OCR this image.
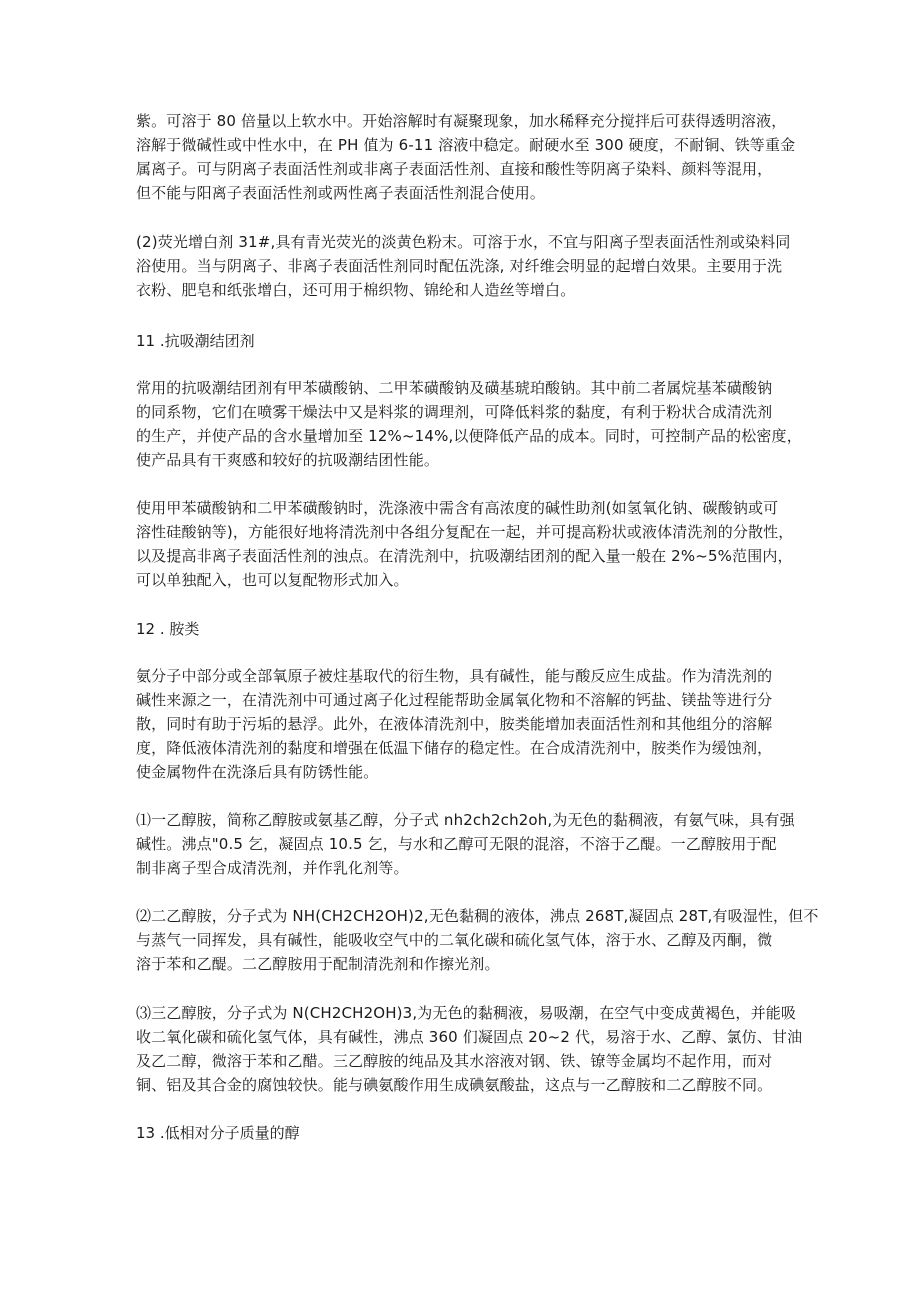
紫。可溶于 80 倍量以上软水中。开始溶解时有凝聚现象，加水稀释充分搅拌后可获得透明溶液，
溶解于微碱性或中性水中，在 PH 值为 6-11 溶液中稳定。耐硬水至 300 硬度，不耐铜、铁等重金
属离子。可与阴离子表面活性剂或非离子表面活性剂、直接和酸性等阴离子染料、颜料等混用，
但不能与阳离子表面活性剂或两性离子表面活性剂混合使用。
(2)荧光增白剂 31#,具有青光荧光的淡黄色粉末。可溶于水，不宜与阳离子型表面活性剂或染料同
浴使用。当与阴离子、非离子表面活性剂同时配伍洗涤, 对纤维会明显的起增白效果。主要用于洗
衣粉、肥皂和纸张增白，还可用于棉织物、锦纶和人造丝等增白。
11 .抗吸潮结团剂
常用的抗吸潮结团剂有甲苯磺酸钠、二甲苯磺酸钠及磺基琥珀酸钠。其中前二者属烷基苯磺酸钠
的同系物，它们在喷雾干燥法中又是料浆的调理剂，可降低料浆的黏度，有利于粉状合成清洗剂
的生产，并使产品的含水量增加至 12%~14%,以便降低产品的成本。同时，可控制产品的松密度，
使产品具有干爽感和较好的抗吸潮结团性能。
使用甲苯磺酸钠和二甲苯磺酸钠时，洗涤液中需含有高浓度的碱性助剂(如氢氧化钠、碳酸钠或可
溶性硅酸钠等)，方能很好地将清洗剂中各组分复配在一起，并可提高粉状或液体清洗剂的分散性，
以及提高非离子表面活性剂的浊点。在清洗剂中，抗吸潮结团剂的配入量一般在 2%~5%范围内，
可以单独配入，也可以复配物形式加入。
12 . 胺类
氨分子中部分或全部氧原子被炷基取代的衍生物，具有碱性，能与酸反应生成盐。作为清洗剂的
碱性来源之一，在清洗剂中可通过离子化过程能帮助金属氧化物和不溶解的钙盐、镁盐等进行分
散，同时有助于污垢的悬浮。此外，在液体清洗剂中，胺类能增加表面活性剂和其他组分的溶解
度，降低液体清洗剂的黏度和增强在低温下储存的稳定性。在合成清洗剂中，胺类作为缓蚀剂，
使金属物件在洗涤后具有防锈性能。
⑴一乙醇胺，简称乙醇胺或氨基乙醇，分子式 nh2ch2ch2oh,为无色的黏稠液，有氨气味，具有强
碱性。沸点"0.5 乞，凝固点 10.5 乞，与水和乙醇可无限的混溶，不溶于乙醍。一乙醇胺用于配
制非离子型合成清洗剂，并作乳化剂等。
⑵二乙醇胺，分子式为 NH(CH2CH2OH)2,无色黏稠的液体，沸点 268T,凝固点 28T,有吸湿性，但不
与蒸气一同挥发，具有碱性，能吸收空气中的二氧化碳和硫化氢气体，溶于水、乙醇及丙酮，微
溶于苯和乙醍。二乙醇胺用于配制清洗剂和作擦光剂。
⑶三乙醇胺，分子式为 N(CH2CH2OH)3,为无色的黏稠液，易吸潮，在空气中变成黄褐色，并能吸
收二氧化碳和硫化氢气体，具有碱性，沸点 360 们凝固点 20~2 代，易溶于水、乙醇、氯仿、甘油
及乙二醇，微溶于苯和乙醋。三乙醇胺的纯品及其水溶液对钢、铁、镣等金属均不起作用，而对
铜、铝及其合金的腐蚀较快。能与碘氨酸作用生成碘氨酸盐，这点与一乙醇胺和二乙醇胺不同。
13 .低相对分子质量的醇
